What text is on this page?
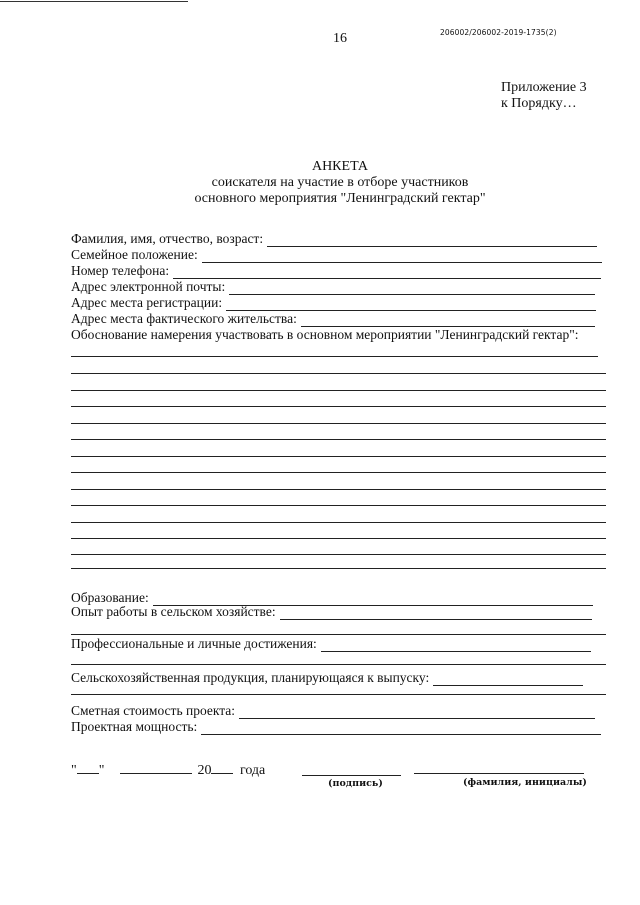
16	206002/206002-2019-1735(2)
Приложение 3
к Порядку…
АНКЕТА
соискателя на участие в отборе участников
основного мероприятия "Ленинградский гектар"
Фамилия, имя, отчество, возраст:
Семейное положение:
Номер телефона:
Адрес электронной почты:
Адрес места регистрации:
Адрес места фактического жительства:
Обоснование намерения участвовать в основном мероприятии "Ленинградский гектар":
Образование:
Опыт работы в сельском хозяйстве:
Профессиональные и личные достижения:
Сельскохозяйственная продукция, планирующаяся к выпуску:
Сметная стоимость проекта:
Проектная мощность:
" "	20 года
(подпись)	(фамилия, инициалы)
